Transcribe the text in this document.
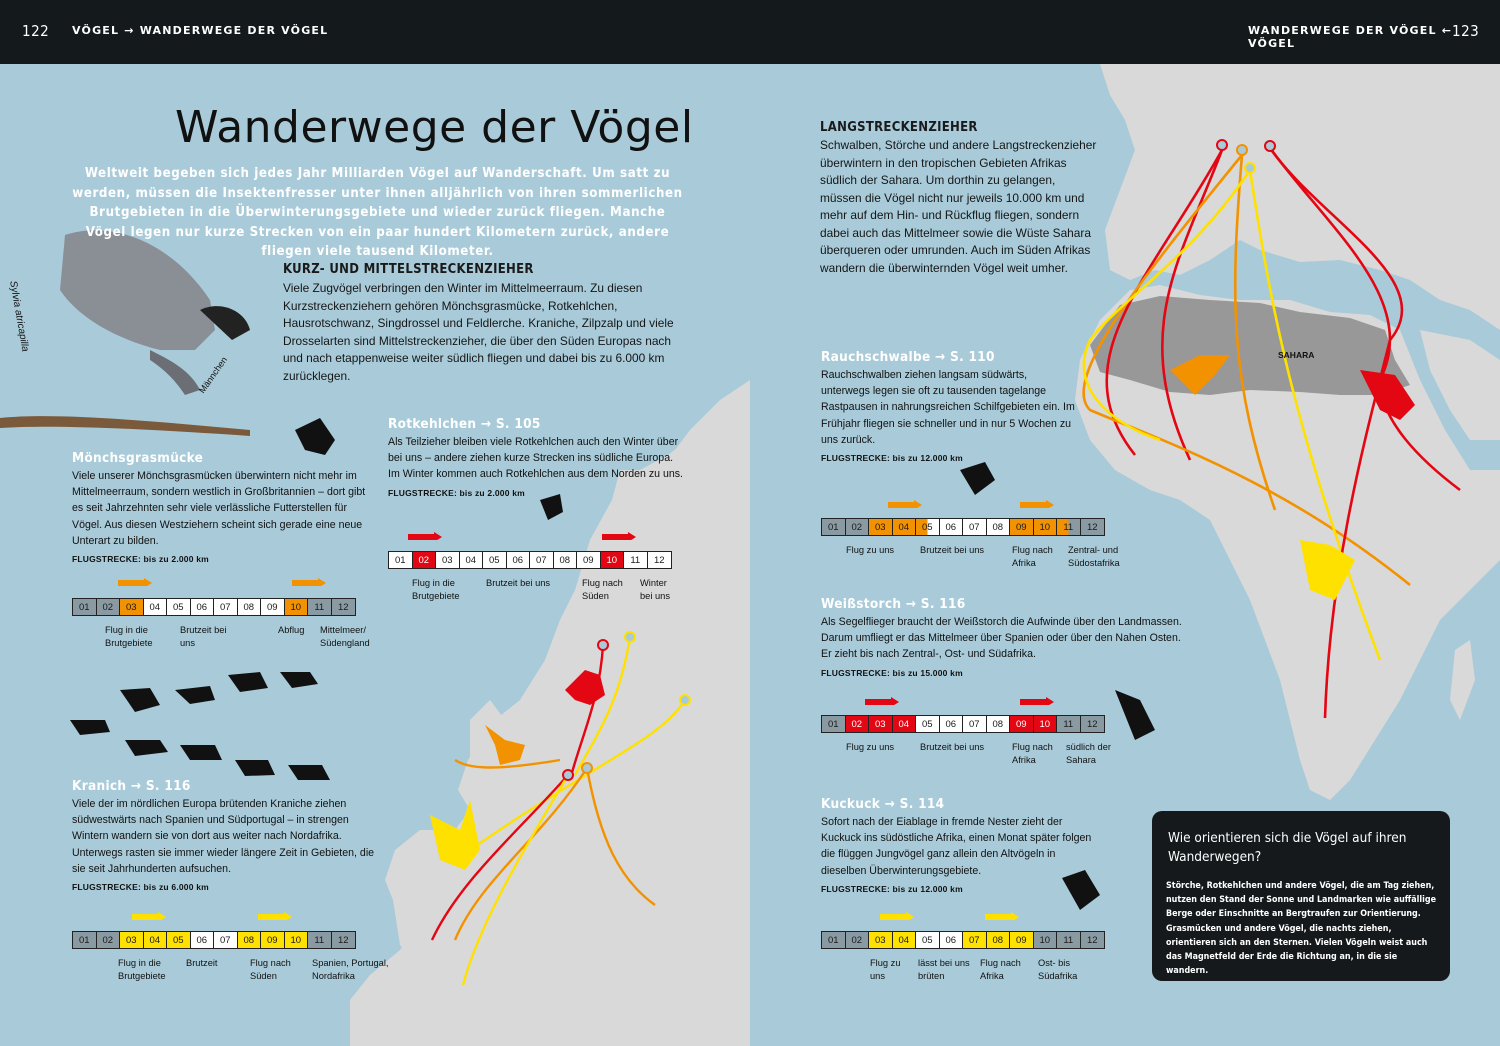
122 VÖGEL → WANDERWEGE DER VÖGEL	WANDERWEGE DER VÖGEL ← VÖGEL
123
Wanderwege der Vögel
Weltweit begeben sich jedes Jahr Milliarden Vögel auf Wanderschaft. Um satt zu werden, müssen die Insektenfresser unter ihnen alljährlich von ihren sommerlichen Brutgebieten in die Überwinterungsgebiete und wieder zurück fliegen. Manche Vögel legen nur kurze Strecken von ein paar hundert Kilometern zurück, andere fliegen viele tausend Kilometer.
Sylvia atricapilla
Männchen
KURZ- UND MITTELSTRECKENZIEHER
Viele Zugvögel verbringen den Winter im Mittelmeerraum. Zu diesen Kurzstreckenziehern gehören Mönchsgrasmücke, Rotkehlchen, Hausrotschwanz, Singdrossel und Feldlerche. Kraniche, Zilpzalp und viele Drosselarten sind Mittelstreckenzieher, die über den Süden Europas nach und nach etappenweise weiter südlich fliegen und dabei bis zu 6.000 km zurücklegen.
LANGSTRECKENZIEHER
Schwalben, Störche und andere Langstreckenzieher überwintern in den tropischen Gebieten Afrikas südlich der Sahara. Um dorthin zu gelangen, müssen die Vögel nicht nur jeweils 10.000 km und mehr auf dem Hin- und Rückflug fliegen, sondern dabei auch das Mittelmeer sowie die Wüste Sahara überqueren oder umrunden. Auch im Süden Afrikas wandern die überwinternden Vögel weit umher.
Mönchsgrasmücke
Viele unserer Mönchsgrasmücken überwintern nicht mehr im Mittelmeerraum, sondern westlich in Großbritannien – dort gibt es seit Jahrzehnten sehr viele verlässliche Futterstellen für Vögel. Aus diesen Westziehern scheint sich gerade eine neue Unterart zu bilden.
FLUGSTRECKE: bis zu 2.000 km
01	02	03	04	05	06	07	08	09	10	11	12
Flug in die Brutgebiete
Brutzeit bei uns
Abflug	Mittelmeer/ Südengland
Rotkehlchen → S. 105
Als Teilzieher bleiben viele Rotkehlchen auch den Winter über bei uns – andere ziehen kurze Strecken ins südliche Europa. Im Winter kommen auch Rotkehlchen aus dem Norden zu uns.
FLUGSTRECKE: bis zu 2.000 km
01	02	03	04	05	06	07	08	09	10	11	12
Flug in die Brutgebiete
Brutzeit bei uns	Flug nach Süden
Winter bei uns
Kranich → S. 116
Viele der im nördlichen Europa brütenden Kraniche ziehen südwestwärts nach Spanien und Südportugal – in strengen Wintern wandern sie von dort aus weiter nach Nordafrika. Unterwegs rasten sie immer wieder längere Zeit in Gebieten, die sie seit Jahrhunderten aufsuchen.
FLUGSTRECKE: bis zu 6.000 km
01	02	03	04	05	06	07	08	09	10	11	12
Flug in die Brutgebiete
Brutzeit	Flug nach Süden
Spanien, Portugal, Nordafrika
Rauchschwalbe → S. 110
Rauchschwalben ziehen langsam südwärts, unterwegs legen sie oft zu tausenden tagelange Rastpausen in nahrungsreichen Schilfgebieten ein. Im Frühjahr fliegen sie schneller und in nur 5 Wochen zu uns zurück.
FLUGSTRECKE: bis zu 12.000 km
01	02	03	04	05	06	07	08	09	10	11	12
Flug zu uns	Brutzeit bei uns	Flug nach Afrika
Zentral- und Südostafrika
Weißstorch → S. 116
Als Segelflieger braucht der Weißstorch die Aufwinde über den Landmassen. Darum umfliegt er das Mittelmeer über Spanien oder über den Nahen Osten. Er zieht bis nach Zentral-, Ost- und Südafrika.
FLUGSTRECKE: bis zu 15.000 km
01	02	03	04	05	06	07	08	09	10	11	12
Flug zu uns	Brutzeit bei uns	Flug nach Afrika
südlich der Sahara
Kuckuck → S. 114
Sofort nach der Eiablage in fremde Nester zieht der Kuckuck ins südöstliche Afrika, einen Monat später folgen die flüggen Jungvögel ganz allein den Altvögeln in dieselben Überwinterungsgebiete.
FLUGSTRECKE: bis zu 12.000 km
01	02	03	04	05	06	07	08	09	10	11	12
Flug zu uns
lässt bei uns brüten
Flug nach Afrika
Ost- bis Südafrika
SAHARA
Wie orientieren sich die Vögel auf ihren Wanderwegen?
Störche, Rotkehlchen und andere Vögel, die am Tag ziehen, nutzen den Stand der Sonne und Landmarken wie auffällige Berge oder Einschnitte an Bergtraufen zur Orientierung. Grasmücken und andere Vögel, die nachts ziehen, orientieren sich an den Sternen. Vielen Vögeln weist auch das Magnetfeld der Erde die Richtung an, in die sie wandern.
